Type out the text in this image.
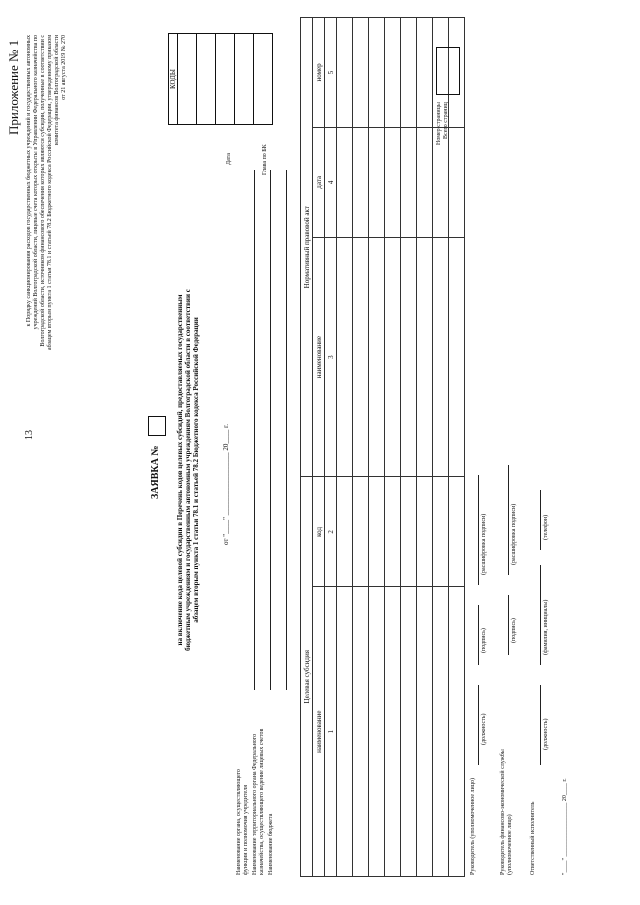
13
Приложение № 1 к Порядку санкционирования расходов государственных бюджетных учреждений и государственных автономных учреждений Волгоградской области, лицевые счета которых открыты в Управлении Федерального казначейства по Волгоградской области, источником финансового обеспечения которых являются субсидии, полученные в соответствии с абзацем вторым пункта 1 статьи 78.1 и статьей 78.2 Бюджетного кодекса Российской Федерации, утвержденному приказом комитета финансов Волгоградской области от 21 августа 2019 № 270
ЗАЯВКА № на включение кода целевой субсидии в Перечень кодов целевых субсидий, предоставляемых государственным бюджетным учреждениям и государственным автономным учреждениям Волгоградской области в соответствии с абзацем вторым пункта 1 статьи 78.1 и статьей 78.2 Бюджетного кодекса Российской Федерации	от "____" __________________ 20____ г.
Наименование органа, осуществляющего функции и полномочия учредителя Наименование территориального органа Федерального казначейства, осуществляющего ведение лицевых счетов Наименование бюджета
Дата	Глава по БК
КОДЫ

Целевая субсидия		Нормативный правовой акт		
наименование	код	наименование	дата	номер
1	2	3	4	5

Номер страницы Всего страниц
Руководитель (уполномоченное лицо)
(должность)
(подпись)
(расшифровка подписи)
Руководитель финансово-экономической службы (уполномоченное лицо)
(подпись)
(расшифровка подписи)
Ответственный исполнитель
(должность)
(фамилия, инициалы)
(телефон)
"____" __________________ 20____ г.
